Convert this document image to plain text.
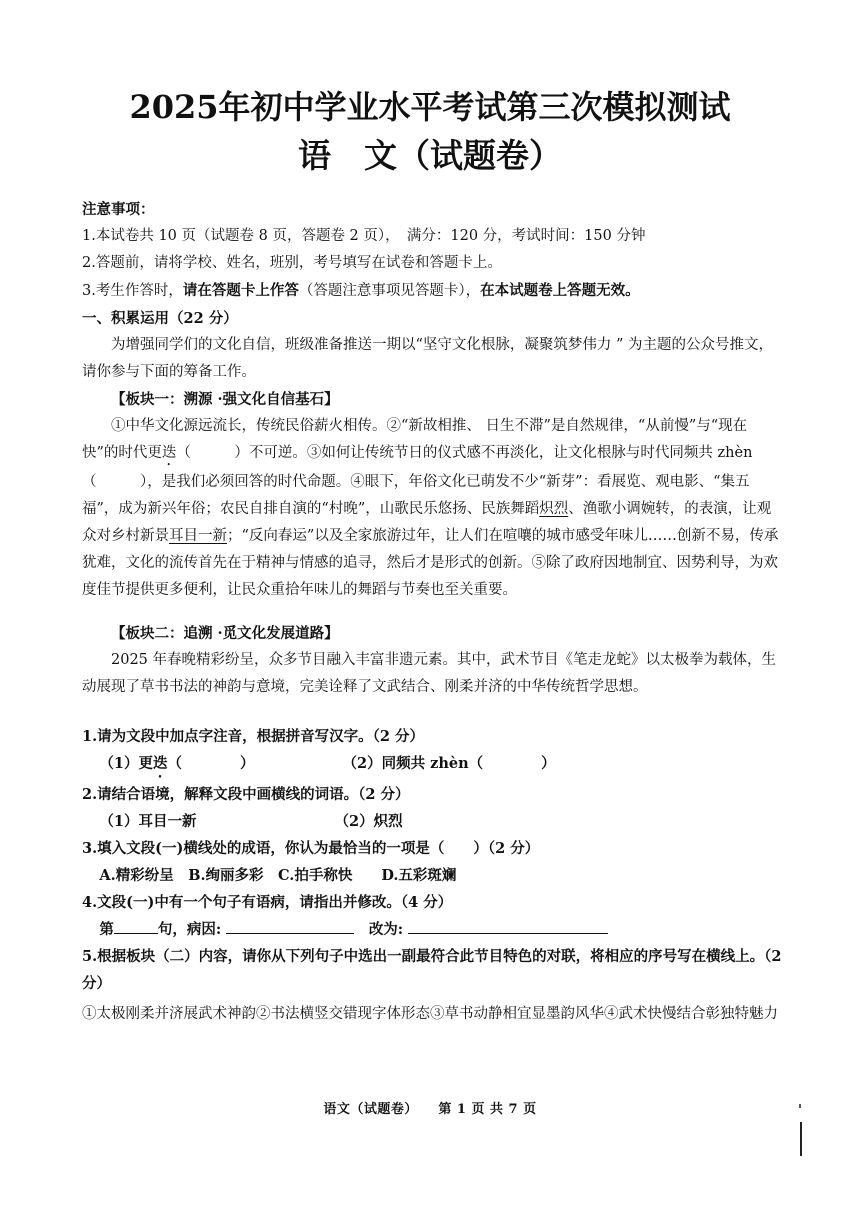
2025年初中学业水平考试第三次模拟测试
语　文（试题卷）

注意事项：

1.本试卷共 10 页（试题卷 8 页，答题卷 2 页），　满分：120 分，考试时间：150 分钟

2.答题前，请将学校、姓名，班别，考号填写在试卷和答题卡上。

3.考生作答时，请在答题卡上作答（答题注意事项见答题卡），在本试题卷上答题无效。

一、积累运用（22 分）

为增强同学们的文化自信，班级准备推送一期以“坚守文化根脉，凝聚筑梦伟力 ” 为主题的公众号推文，请你参与下面的筹备工作。

【板块一：溯源 ·强文化自信基石】

①中华文化源远流长，传统民俗薪火相传。②“新故相推、 日生不滞”是自然规律，“从前慢”与“现在快”的时代更迭（　　　）不可逆。③如何让传统节日的仪式感不再淡化，让文化根脉与时代同频共 zhèn（　　　），是我们必须回答的时代命题。④眼下，年俗文化已萌发不少“新芽”：看展览、观电影、“集五福”，成为新兴年俗；农民自排自演的“村晚”，山歌民乐悠扬、民族舞蹈炽烈、渔歌小调婉转，的表演，让观众对乡村新景耳目一新；“反向春运”以及全家旅游过年，让人们在喧嚷的城市感受年味儿……创新不易，传承犹难，文化的流传首先在于精神与情感的追寻，然后才是形式的创新。⑤除了政府因地制宜、因势利导，为欢度佳节提供更多便利，让民众重拾年味儿的舞蹈与节奏也至关重要。

【板块二：追溯 ·觅文化发展道路】

2025 年春晚精彩纷呈，众多节目融入丰富非遗元素。其中，武术节目《笔走龙蛇》以太极拳为载体，生动展现了草书书法的神韵与意境，完美诠释了文武结合、刚柔并济的中华传统哲学思想。

1.请为文段中加点字注音，根据拼音写汉字。（2 分）

（1）更迭（　　　　）	（2）同频共 zhèn（　　　　）

2.请结合语境，解释文段中画横线的词语。（2 分）

（1）耳目一新	（2）炽烈

3.填入文段(一)横线处的成语，你认为最恰当的一项是（　　）（2 分）

A.精彩纷呈　B.绚丽多彩　C.拍手称快　　D.五彩斑斓

4.文段(一)中有一个句子有语病，请指出并修改。（4 分）

第	句，病因: 　	改为:

5.根据板块（二）内容，请你从下列句子中选出一副最符合此节目特色的对联，将相应的序号写在横线上。（2 分）

①太极刚柔并济展武术神韵②书法横竖交错现字体形态③草书动静相宜显墨韵风华④武术快慢结合彰独特魅力

语文（试题卷）　　第 1 页 共 7 页
